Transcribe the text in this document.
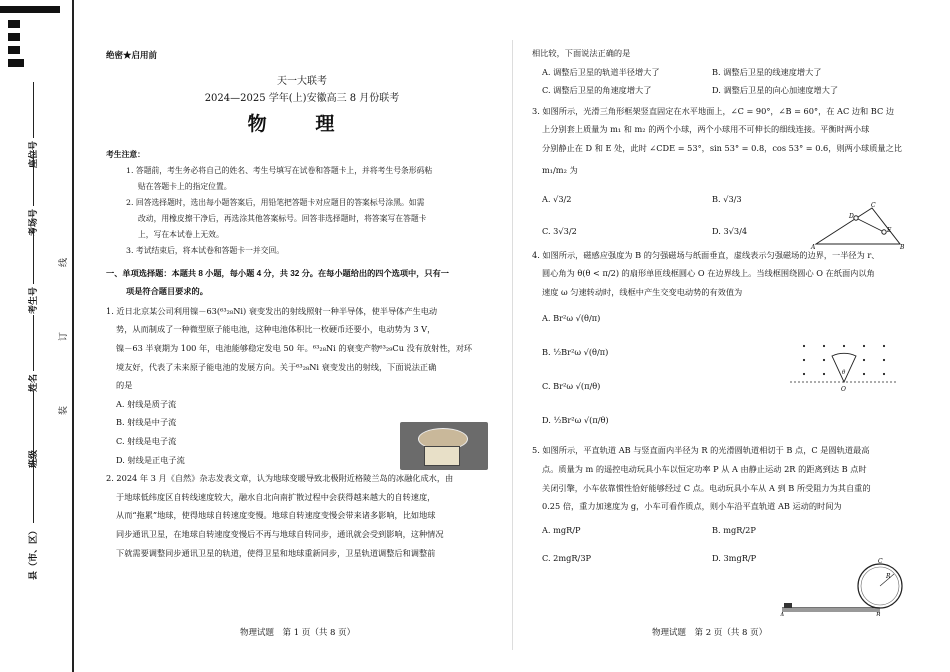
座位号
考场号
考生号
姓名
班级
县（市、区）
线
订
装

绝密★启用前

天一大联考

2024—2025 学年(上)安徽高三 8 月份联考

物 理

考生注意：

1. 答题前，考生务必将自己的姓名、考生号填写在试卷和答题卡上，并将考生号条形码粘

贴在答题卡上的指定位置。

2. 回答选择题时，选出每小题答案后，用铅笔把答题卡对应题目的答案标号涂黑。如需

改动，用橡皮擦干净后，再选涂其他答案标号。回答非选择题时，将答案写在答题卡

上，写在本试卷上无效。

3. 考试结束后，将本试卷和答题卡一并交回。

一、单项选择题：本题共 8 小题，每小题 4 分，共 32 分。在每小题给出的四个选项中，只有一

项是符合题目要求的。

1. 近日北京某公司利用镍－63(⁶³₂₈Ni) 衰变发出的射线照射一种半导体，使半导体产生电动

势，从而制成了一种微型原子能电池，这种电池体积比一枚硬币还要小，电动势为 3 V，

镍－63 半衰期为 100 年，电池能够稳定发电 50 年。⁶³₂₈Ni 的衰变产物⁶³₂₉Cu 没有放射性，对环

境友好，代表了未来原子能电池的发展方向。关于⁶³₂₈Ni 衰变发出的射线，下面说法正确

的是

A. 射线是质子流

B. 射线是中子流

C. 射线是电子流

D. 射线是正电子流

2. 2024 年 3 月《自然》杂志发表文章，认为地球变暖导致北极附近格陵兰岛的冰融化成水，由

于地球低纬度区自转线速度较大，融水自北向南扩散过程中会获得越来越大的自转速度，

从而“拖累”地球，使得地球自转速度变慢。地球自转速度变慢会带来诸多影响，比如地球

同步通讯卫星，在地球自转速度变慢后不再与地球自转同步，通讯就会受到影响，这种情况

下就需要调整同步通讯卫星的轨道，使得卫星和地球重新同步，卫星轨道调整后和调整前

相比较，下面说法正确的是

A. 调整后卫星的轨道半径增大了	B. 调整后卫星的线速度增大了

C. 调整后卫星的角速度增大了	D. 调整后卫星的向心加速度增大了

3. 如图所示，光滑三角形框架竖直固定在水平地面上，∠C = 90°，∠B = 60°，在 AC 边和 BC 边

上分别套上质量为 m₁ 和 m₂ 的两个小球，两个小球用不可伸长的细线连接。平衡时两小球

分别静止在 D 和 E 处，此时 ∠CDE = 53°，sin 53° = 0.8，cos 53° = 0.6，则两小球质量之比

m₁/m₂ 为

A. √3/2	B. √3/3

C. 3√3/2	D. 3√3/4

4. 如图所示，磁感应强度为 B 的匀强磁场与纸面垂直，虚线表示匀强磁场的边界，一半径为 r、

圆心角为 θ(θ < π/2) 的扇形单匝线框圆心 O 在边界线上。当线框围绕圆心 O 在纸面内以角

速度 ω 匀速转动时，线框中产生交变电动势的有效值为

A. Br²ω √(θ/π)

B. ½Br²ω √(θ/π)

C. Br²ω √(π/θ)

D. ½Br²ω √(π/θ)

5. 如图所示，平直轨道 AB 与竖直面内半径为 R 的光滑圆轨道相切于 B 点，C 是圆轨道最高

点。质量为 m 的遥控电动玩具小车以恒定功率 P 从 A 由静止运动 2R 的距离到达 B 点时

关闭引擎，小车依靠惯性恰好能够经过 C 点。电动玩具小车从 A 到 B 所受阻力为其自重的

0.25 倍，重力加速度为 g，小车可看作质点，则小车沿平直轨道 AB 运动的时间为

A. mgR/P	B. mgR/2P

C. 2mgR/3P	D. 3mgR/P

A	B
C
D
E
O
θ
C
R
B
A
物理试题　第 1 页（共 8 页）	物理试题　第 2 页（共 8 页）
